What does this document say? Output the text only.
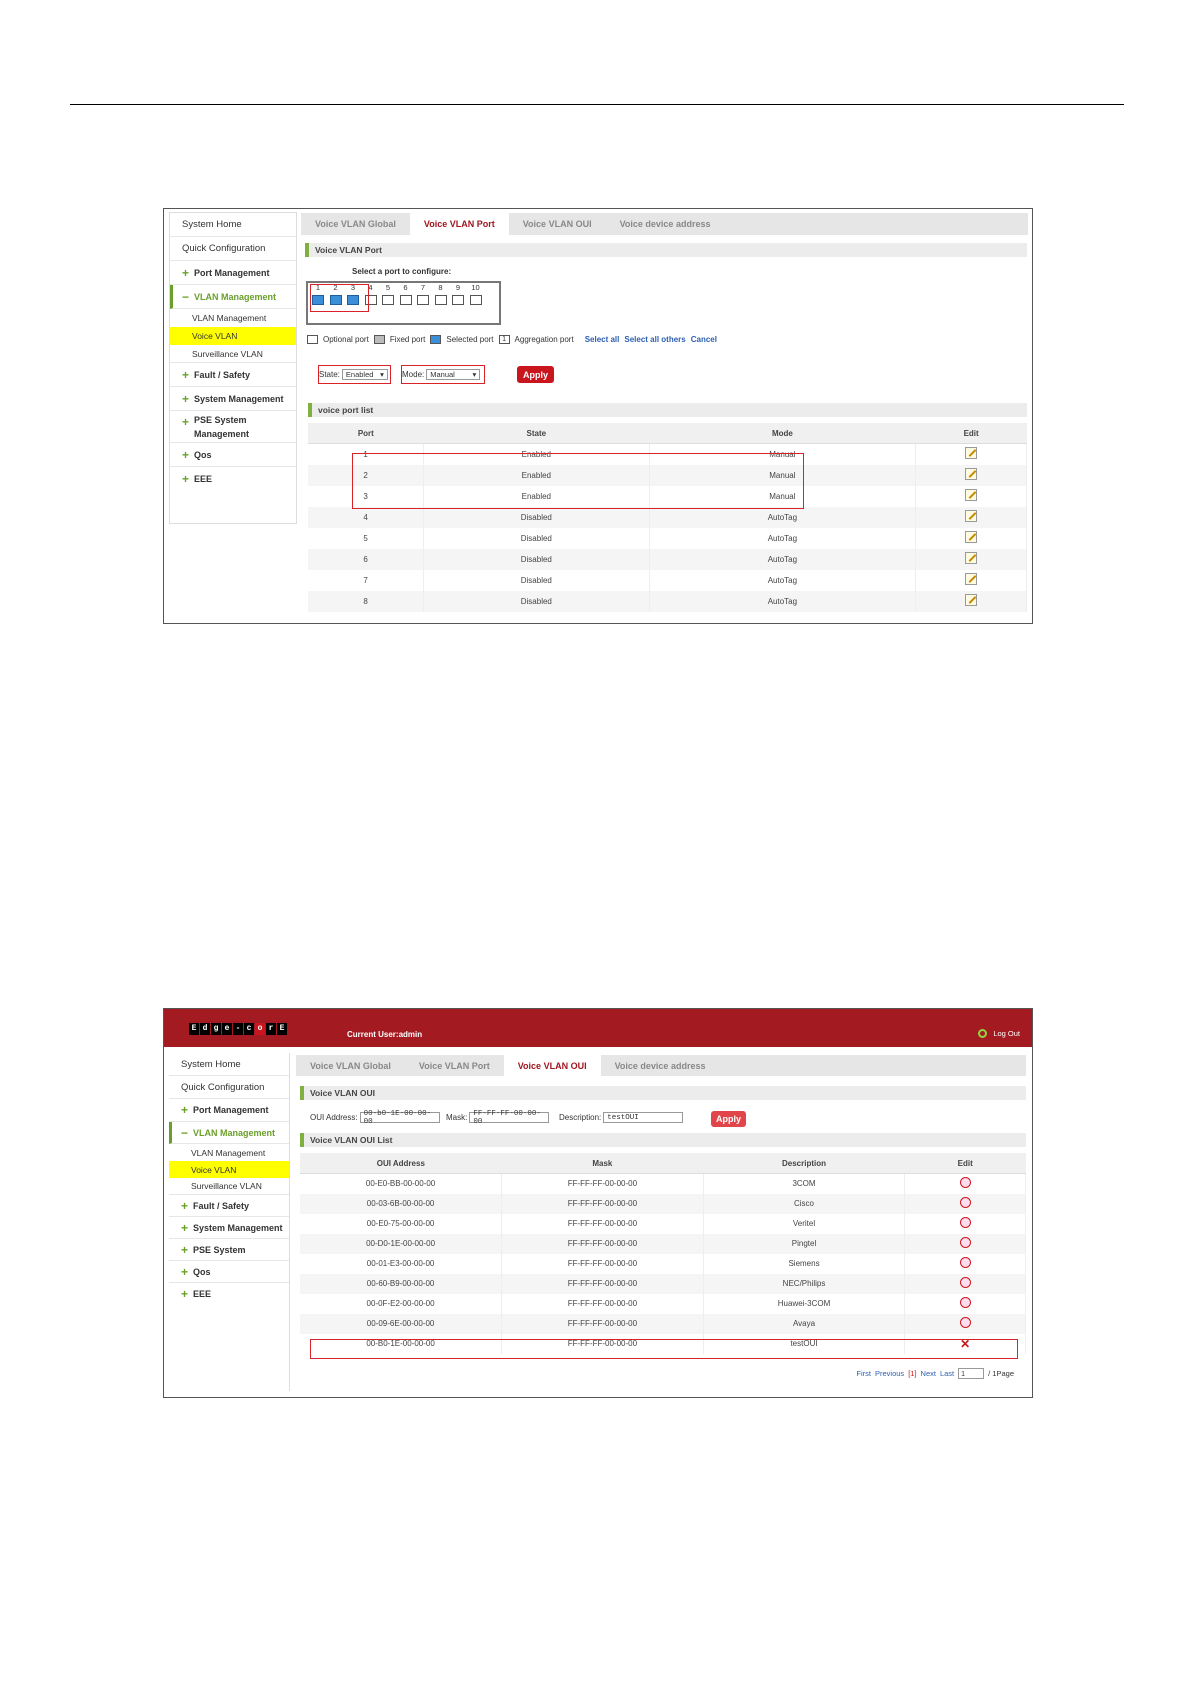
System Home
Quick Configuration
+ Port Management
− VLAN Management
VLAN Management
Voice VLAN
Surveillance VLAN
+ Fault / Safety
+ System Management
+ PSE System
Management
+ Qos
+ EEE
Voice VLAN Global	Voice VLAN Port	Voice VLAN OUI	Voice device address
Voice VLAN Port
Select a port to configure:
1	2	3	4	5	6	7	8	9	10
Optional port	Fixed port	Selected port	1	Aggregation port Select all Select all others Cancel
State: Enabled ▾ Mode: Manual ▾	Apply
voice port list
Port	State	Mode	Edit
1	Enabled	Manual	
2	Enabled	Manual	
3	Enabled	Manual	
4	Disabled	AutoTag	
5	Disabled	AutoTag	
6	Disabled	AutoTag	
7	Disabled	AutoTag	
8	Disabled	AutoTag	
E d g e - c o r E
Current User:admin	Log Out
System Home
Quick Configuration
+ Port Management
− VLAN Management
VLAN Management
Voice VLAN
Surveillance VLAN
+ Fault / Safety
+ System Management
+ PSE System
+ Qos
+ EEE
Voice VLAN Global	Voice VLAN Port	Voice VLAN OUI	Voice device address
Voice VLAN OUI
OUI Address: 00-b0-1E-00-00-00	Mask: FF-FF-FF-00-00-00	Description: testOUI	Apply
Voice VLAN OUI List
OUI Address	Mask	Description	Edit
00-E0-BB-00-00-00	FF-FF-FF-00-00-00	3COM	
00-03-6B-00-00-00	FF-FF-FF-00-00-00	Cisco	
00-E0-75-00-00-00	FF-FF-FF-00-00-00	Veritel	
00-D0-1E-00-00-00	FF-FF-FF-00-00-00	Pingtel	
00-01-E3-00-00-00	FF-FF-FF-00-00-00	Siemens	
00-60-B9-00-00-00	FF-FF-FF-00-00-00	NEC/Philips	
00-0F-E2-00-00-00	FF-FF-FF-00-00-00	Huawei-3COM	
00-09-6E-00-00-00	FF-FF-FF-00-00-00	Avaya	
00-B0-1E-00-00-00	FF-FF-FF-00-00-00	testOUI	✕
First Previous [1] Next Last	1	/ 1Page
